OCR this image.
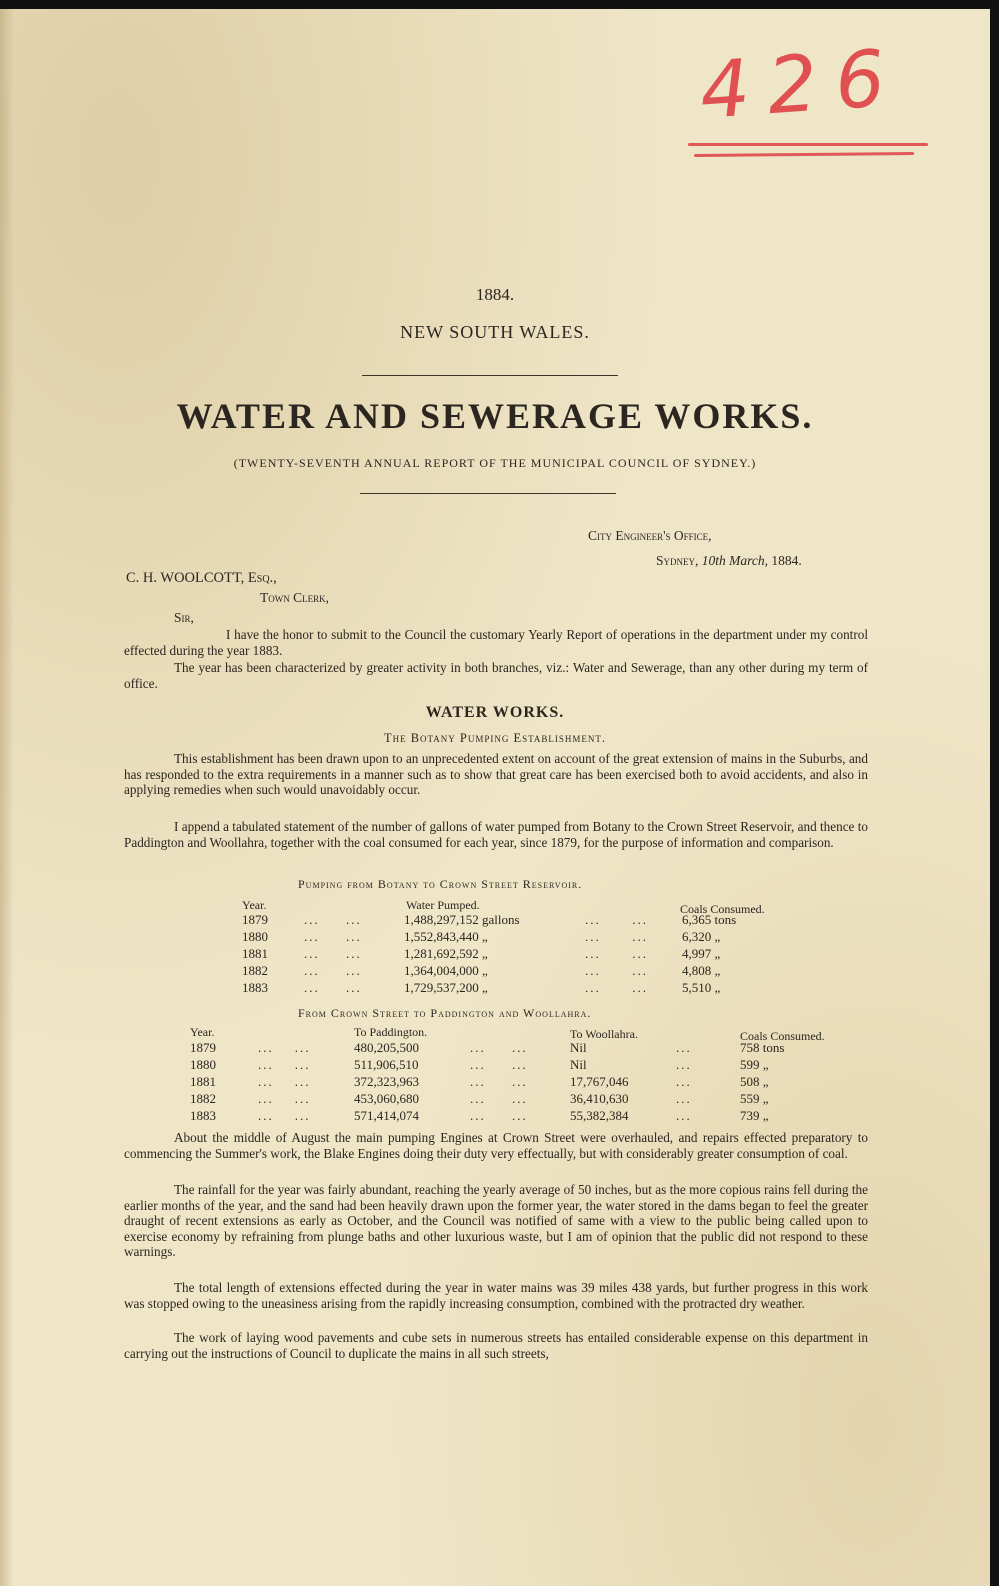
426
1884.
NEW SOUTH WALES.
WATER AND SEWERAGE WORKS.
(TWENTY-SEVENTH ANNUAL REPORT OF THE MUNICIPAL COUNCIL OF SYDNEY.)
City Engineer's Office,
Sydney, 10th March, 1884.
C. H. WOOLCOTT, Esq.,
Town Clerk,
Sir,
I have the honor to submit to the Council the customary Yearly Report of operations in the department under my control effected during the year 1883.
The year has been characterized by greater activity in both branches, viz.: Water and Sewerage, than any other during my term of office.
WATER WORKS.
The Botany Pumping Establishment.
This establishment has been drawn upon to an unprecedented extent on account of the great extension of mains in the Suburbs, and has responded to the extra requirements in a manner such as to show that great care has been exercised both to avoid accidents, and also in applying remedies when such would unavoidably occur.
I append a tabulated statement of the number of gallons of water pumped from Botany to the Crown Street Reservoir, and thence to Paddington and Woollahra, together with the coal consumed for each year, since 1879, for the purpose of information and comparison.
Pumping from Botany to Crown Street Reservoir.
Year.	Water Pumped.	Coals Consumed.
1879	...     ...	1,488,297,152 gallons	...      ...	6,365 tons
1880	...     ...	1,552,843,440 „	...      ...	6,320 „
1881	...     ...	1,281,692,592 „	...      ...	4,997 „
1882	...     ...	1,364,004,000 „	...      ...	4,808 „
1883	...     ...	1,729,537,200 „	...      ...	5,510 „
From Crown Street to Paddington and Woollahra.
Year.	To Paddington.	To Woollahra.	Coals Consumed.
1879	...    ...	480,205,500	...     ...	Nil	...	758 tons
1880	...    ...	511,906,510	...     ...	Nil	...	599 „
1881	...    ...	372,323,963	...     ...	17,767,046	...	508 „
1882	...    ...	453,060,680	...     ...	36,410,630	...	559 „
1883	...    ...	571,414,074	...     ...	55,382,384	...	739 „
About the middle of August the main pumping Engines at Crown Street were overhauled, and repairs effected preparatory to commencing the Summer's work, the Blake Engines doing their duty very effectually, but with considerably greater consumption of coal.
The rainfall for the year was fairly abundant, reaching the yearly average of 50 inches, but as the more copious rains fell during the earlier months of the year, and the sand had been heavily drawn upon the former year, the water stored in the dams began to feel the greater draught of recent extensions as early as October, and the Council was notified of same with a view to the public being called upon to exercise economy by refraining from plunge baths and other luxurious waste, but I am of opinion that the public did not respond to these warnings.
The total length of extensions effected during the year in water mains was 39 miles 438 yards, but further progress in this work was stopped owing to the uneasiness arising from the rapidly increasing consumption, combined with the protracted dry weather.
The work of laying wood pavements and cube sets in numerous streets has entailed considerable expense on this department in carrying out the instructions of Council to duplicate the mains in all such streets,
